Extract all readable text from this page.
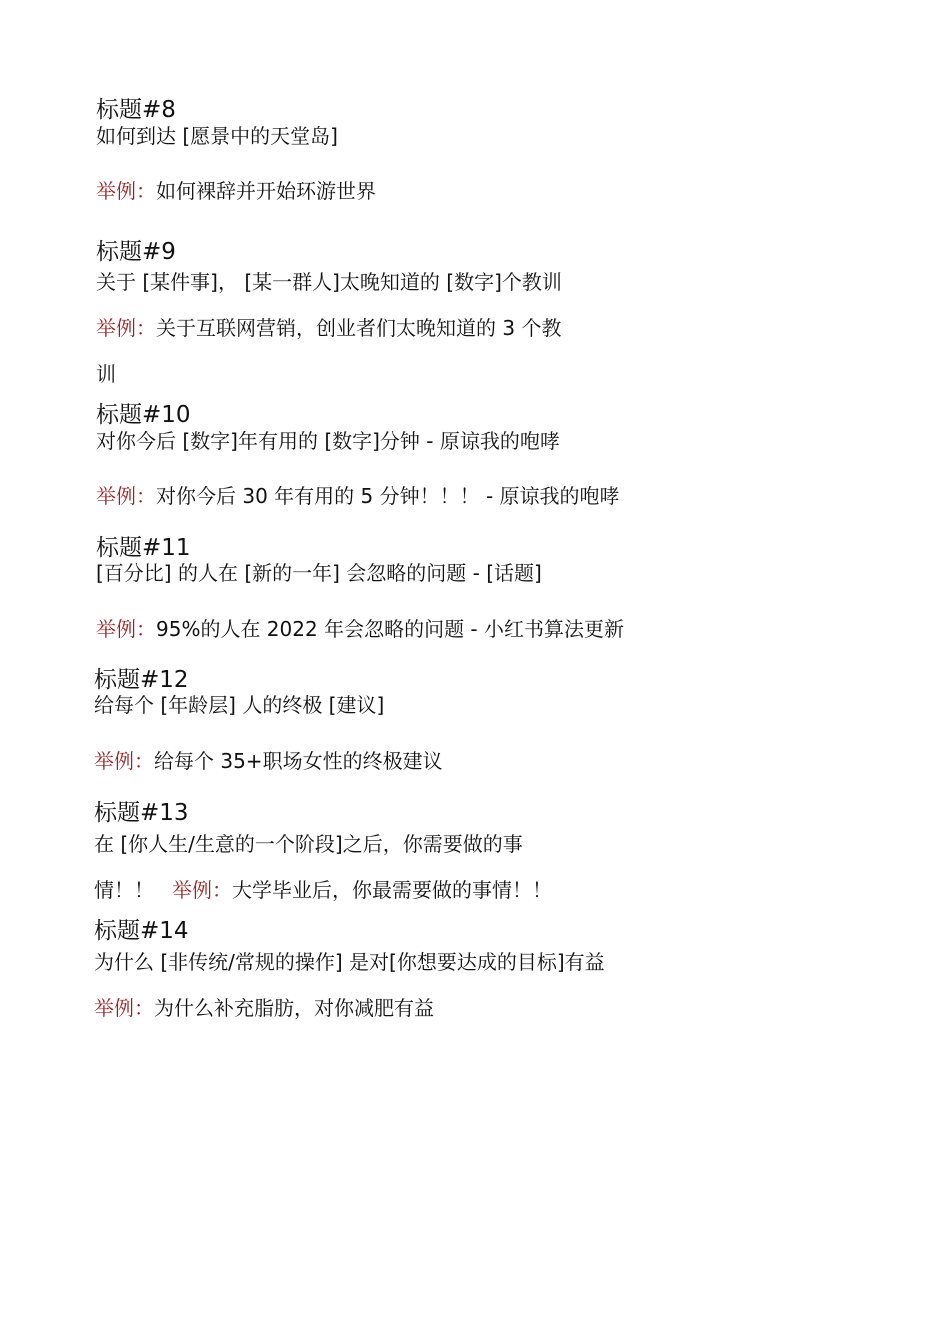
标题#8
如何到达 [愿景中的天堂岛]
举例：如何裸辞并开始环游世界
标题#9
关于 [某件事]， [某一群人]太晚知道的 [数字]个教训
举例：关于互联网营销，创业者们太晚知道的 3 个教
训
标题#10
对你今后 [数字]年有用的 [数字]分钟 - 原谅我的咆哮
举例：对你今后 30 年有用的 5 分钟！！！ - 原谅我的咆哮
标题#11
[百分比] 的人在 [新的一年] 会忽略的问题 - [话题]
举例：95%的人在 2022 年会忽略的问题 - 小红书算法更新
标题#12
给每个 [年龄层] 人的终极 [建议]
举例：给每个 35+职场女性的终极建议
标题#13
在 [你人生/生意的一个阶段]之后，你需要做的事
情！！ 举例：大学毕业后，你最需要做的事情！！
标题#14
为什么 [非传统/常规的操作] 是对[你想要达成的目标]有益
举例：为什么补充脂肪，对你减肥有益
